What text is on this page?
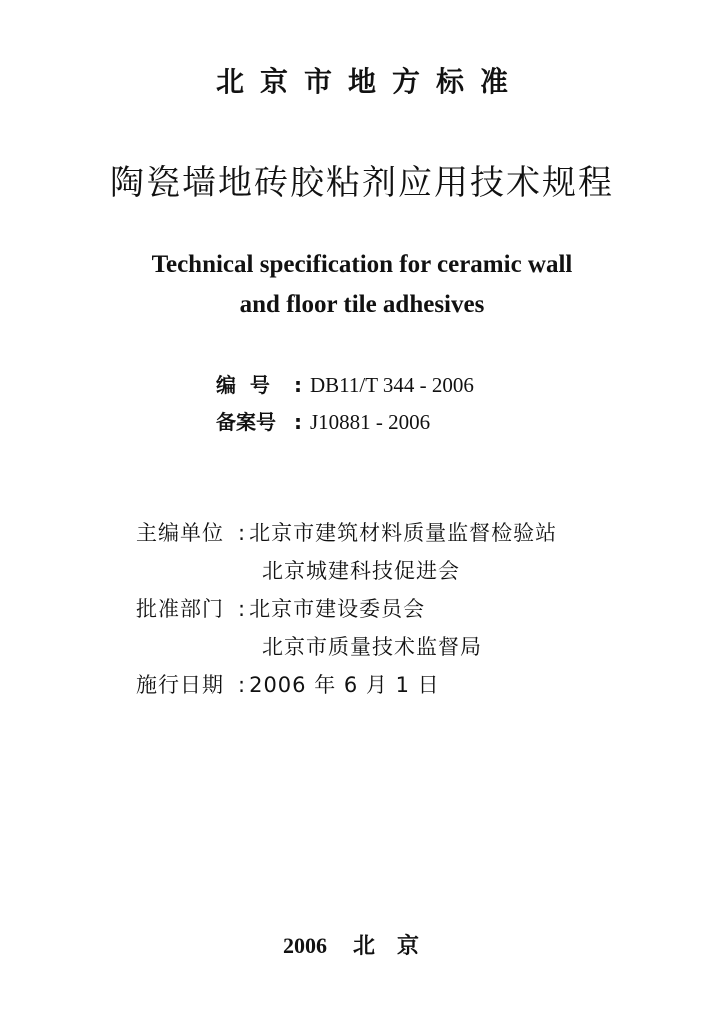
北京市地方标准
陶瓷墙地砖胶粘剂应用技术规程
Technical specification for ceramic wall
and floor tile adhesives
编  号 : DB11/T 344 - 2006
备案号 : J10881 - 2006
主编单位 : 北京市建筑材料质量监督检验站
北京城建科技促进会
批准部门 : 北京市建设委员会
北京市质量技术监督局
施行日期 : 2006 年 6 月 1 日
2006 北京
